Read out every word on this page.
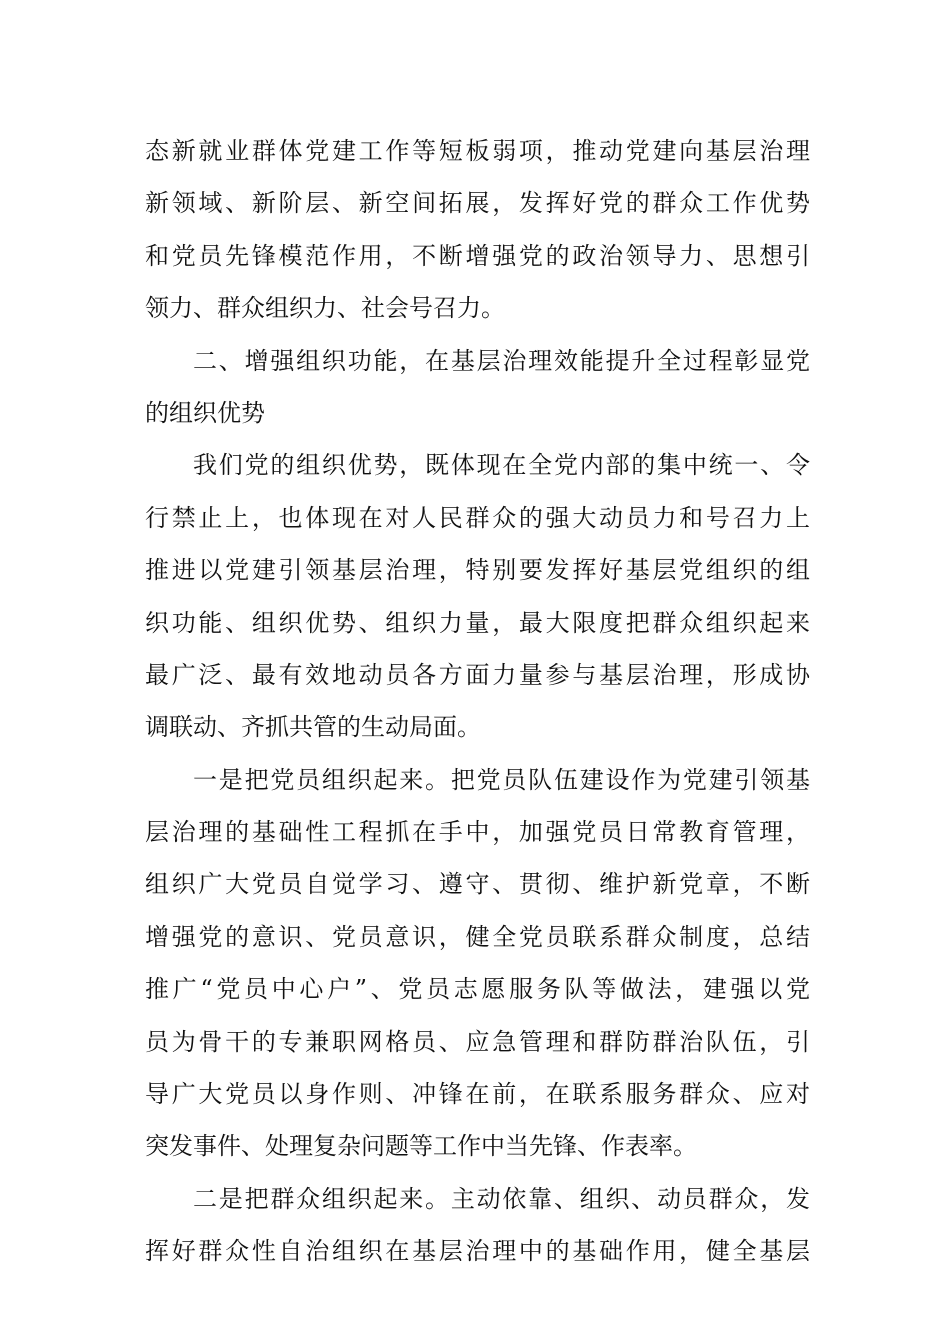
态新就业群体党建工作等短板弱项，推动党建向基层治理
新领域、新阶层、新空间拓展，发挥好党的群众工作优势
和党员先锋模范作用，不断增强党的政治领导力、思想引
领力、群众组织力、社会号召力。
二、增强组织功能，在基层治理效能提升全过程彰显党
的组织优势
我们党的组织优势，既体现在全党内部的集中统一、令
行禁止上，也体现在对人民群众的强大动员力和号召力上
推进以党建引领基层治理，特别要发挥好基层党组织的组
织功能、组织优势、组织力量，最大限度把群众组织起来
最广泛、最有效地动员各方面力量参与基层治理，形成协
调联动、齐抓共管的生动局面。
一是把党员组织起来。把党员队伍建设作为党建引领基
层治理的基础性工程抓在手中，加强党员日常教育管理，
组织广大党员自觉学习、遵守、贯彻、维护新党章，不断
增强党的意识、党员意识，健全党员联系群众制度，总结
推广“党员中心户”、党员志愿服务队等做法，建强以党
员为骨干的专兼职网格员、应急管理和群防群治队伍，引
导广大党员以身作则、冲锋在前，在联系服务群众、应对
突发事件、处理复杂问题等工作中当先锋、作表率。
二是把群众组织起来。主动依靠、组织、动员群众，发
挥好群众性自治组织在基层治理中的基础作用，健全基层
